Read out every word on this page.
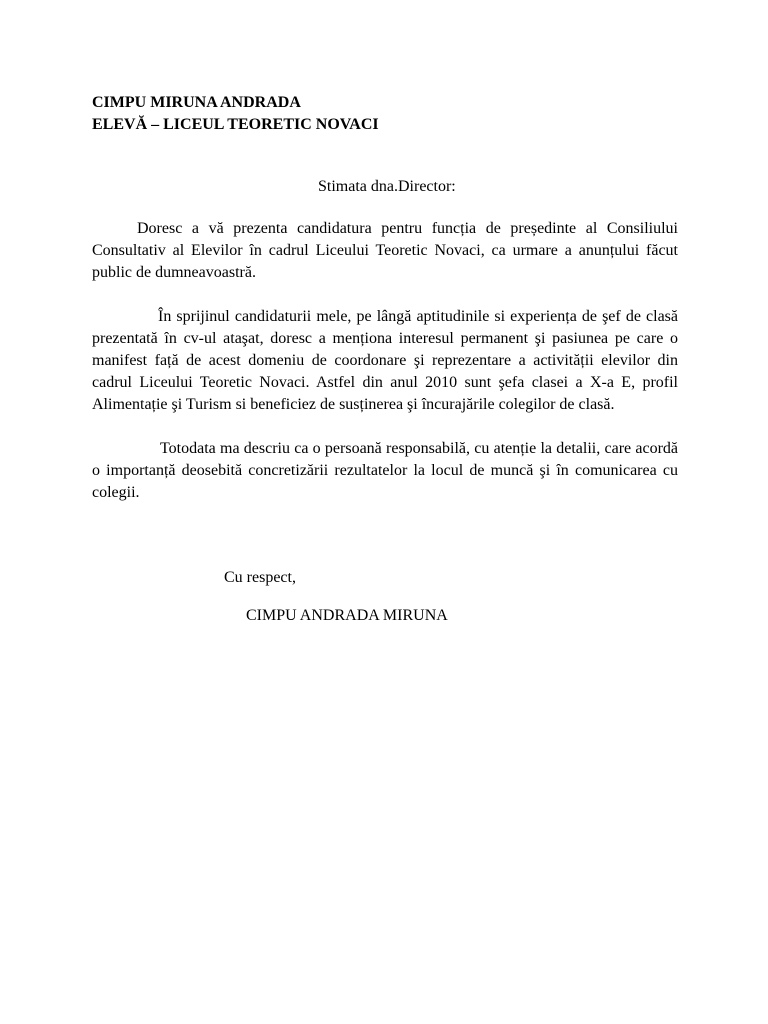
CIMPU MIRUNA ANDRADA
ELEVĂ – LICEUL TEORETIC NOVACI
Stimata dna.Director:

Doresc a vă prezenta candidatura pentru funcția de președinte al Consiliului Consultativ al Elevilor în cadrul Liceului Teoretic Novaci, ca urmare a anunțului făcut public de dumneavoastră.

În sprijinul candidaturii mele, pe lângă aptitudinile si experiența de şef de clasă prezentată în cv-ul ataşat, doresc a menționa interesul permanent şi pasiunea pe care o manifest față de acest domeniu de coordonare şi reprezentare a activității elevilor din cadrul Liceului Teoretic Novaci. Astfel din anul 2010 sunt şefa clasei a X-a E, profil Alimentație şi Turism si beneficiez de susținerea şi încurajările colegilor de clasă.

Totodata ma descriu ca o persoană responsabilă, cu atenție la detalii, care acordă o importanță deosebită concretizării rezultatelor la locul de muncă şi în comunicarea cu colegii.

Cu respect,
CIMPU ANDRADA MIRUNA
